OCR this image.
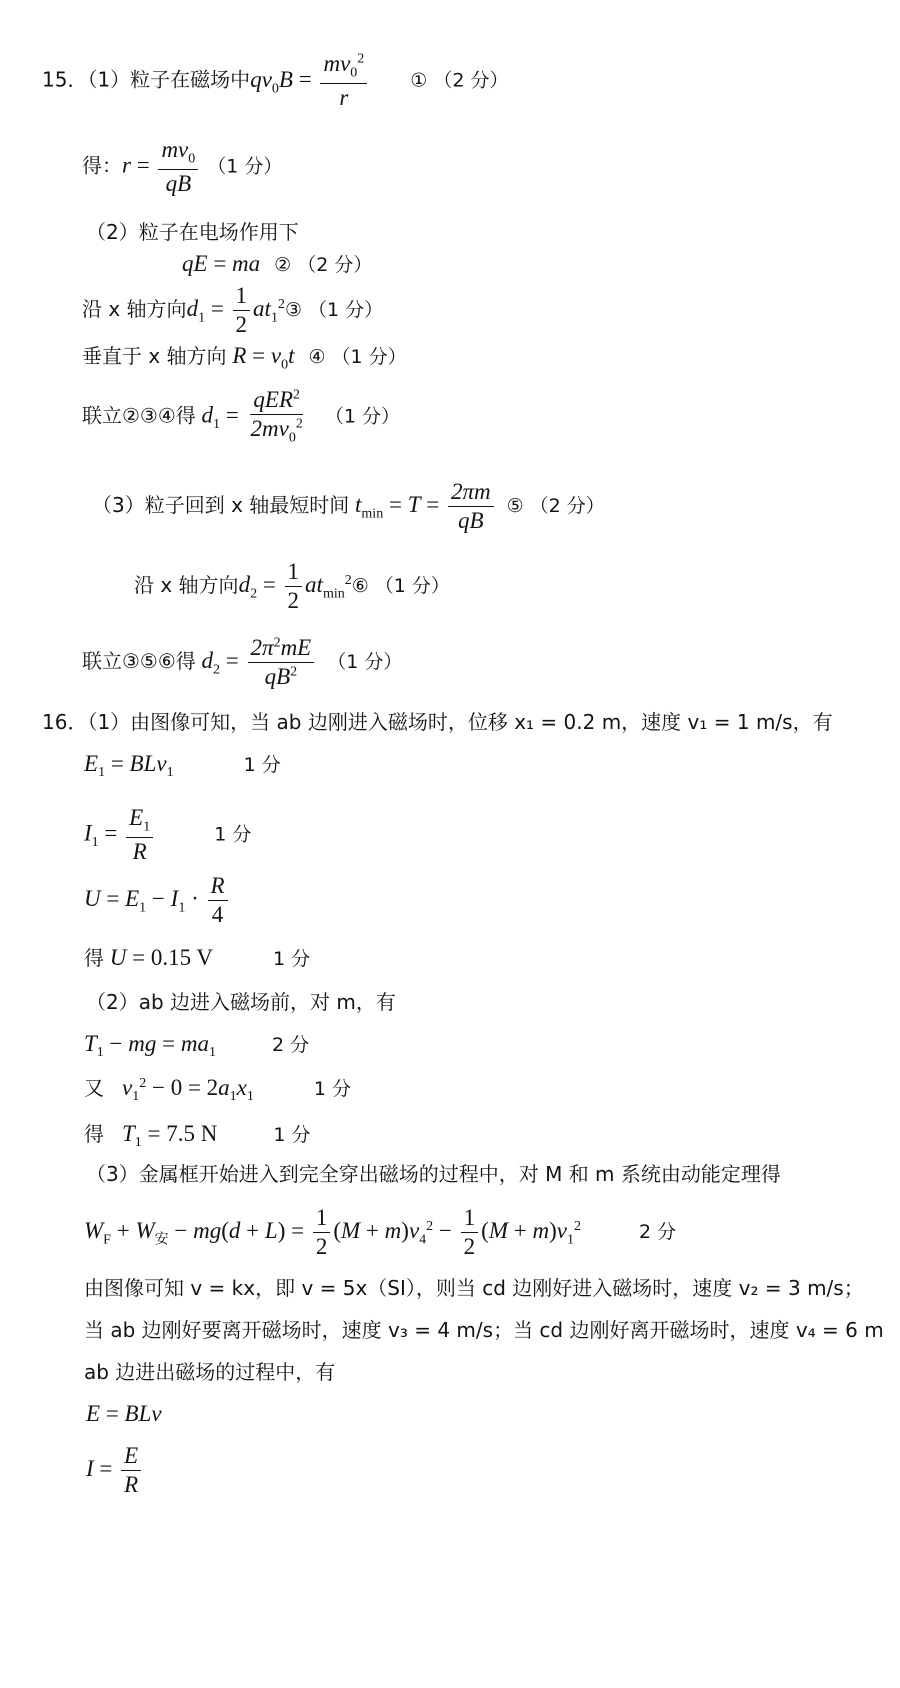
15．（1）粒子在磁场中$qv_0B = \frac{mv_0^2}{r}$ ① （2 分）
得：$r = \frac{mv_0}{qB} (1$ 分）
（2）粒子在电场作用下
qE = ma ② （2 分）
沿 x 轴方向$d_1 = \frac{1}{2}$ $at_1^2③$ （1 分）
垂直于 x 轴方向 $R = v_0t$ ④ （1 分）
联立②③④得 $d_1 = \frac{qER^2}{2mv_0^2} (1$ 分）
（3）粒子回到 x 轴最短时间 $t_{min} = T = \frac{2\pi m}{qB}$ ⑤ （2 分）
沿 x 轴方向$d_2 = \frac{1}{2}$ $at_{min}^2⑥$ （1 分）
联立③⑤⑥得 $d_2 = \frac{2\pi^2mE}{qB^2} (1$ 分）
16．（1）由图像可知，当 ab 边刚进入磁场时，位移 x₁ = 0.2 m，速度 v₁ = 1 m/s，有
$E_1 = BLv_1$	1 分
$I_1 = \frac{E_1}{R}$	1 分
$U = E_1 - I_1 \cdot \frac{R}{4}$
得 U = 0.15 V	1 分
（2）ab 边进入磁场前，对 m，有
$T_1$ − mg = $ma_1$	2 分
又 $v_1^2 - 0 = 2a_1x_1$	1 分
得 $T_1 = 7.5$ N	1 分
（3）金属框开始进入到完全穿出磁场的过程中，对 M 和 m 系统由动能定理得
$W_F + W_安 - mg(d + L) = \frac{1}{2} (M + m)v_4^2 - \frac{1}{2} (M + m)v_1^2$	2 分
由图像可知 v = kx，即 v = 5x（SI），则当 cd 边刚好进入磁场时，速度 v₂ = 3 m/s；
当 ab 边刚好要离开磁场时，速度 v₃ = 4 m/s；当 cd 边刚好离开磁场时，速度 v₄ = 6 m
ab 边进出磁场的过程中，有
E = BLv
$I = \frac{E}{R}$
